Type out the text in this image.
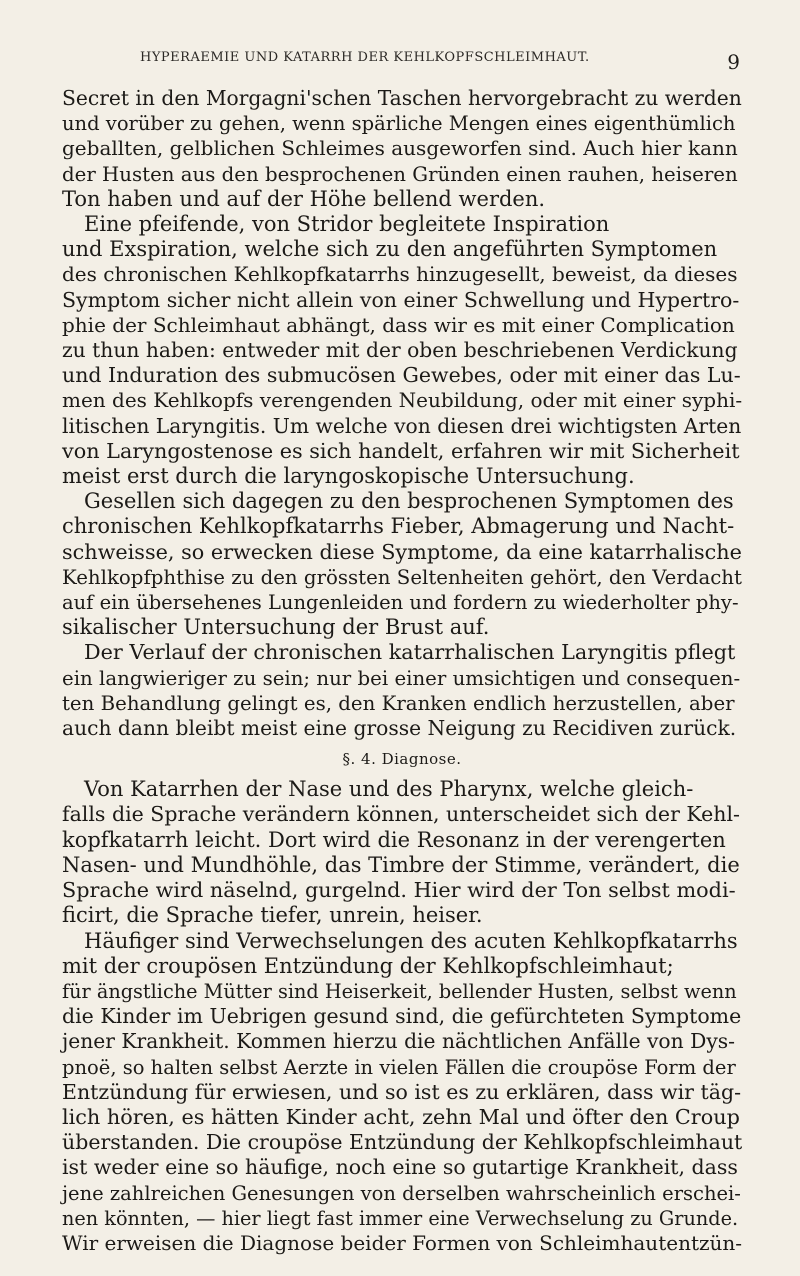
HYPERAEMIE UND KATARRH DER KEHLKOPFSCHLEIMHAUT.	9
Secret in den Morgagni'schen Taschen hervorgebracht zu werden
und vorüber zu gehen, wenn spärliche Mengen eines eigenthümlich
geballten, gelblichen Schleimes ausgeworfen sind. Auch hier kann
der Husten aus den besprochenen Gründen einen rauhen, heiseren
Ton haben und auf der Höhe bellend werden.
Eine pfeifende, von Stridor begleitete Inspiration
und Exspiration, welche sich zu den angeführten Symptomen
des chronischen Kehlkopfkatarrhs hinzugesellt, beweist, da dieses
Symptom sicher nicht allein von einer Schwellung und Hypertro-
phie der Schleimhaut abhängt, dass wir es mit einer Complication
zu thun haben: entweder mit der oben beschriebenen Verdickung
und Induration des submucösen Gewebes, oder mit einer das Lu-
men des Kehlkopfs verengenden Neubildung, oder mit einer syphi-
litischen Laryngitis. Um welche von diesen drei wichtigsten Arten
von Laryngostenose es sich handelt, erfahren wir mit Sicherheit
meist erst durch die laryngoskopische Untersuchung.
Gesellen sich dagegen zu den besprochenen Symptomen des
chronischen Kehlkopfkatarrhs Fieber, Abmagerung und Nacht-
schweisse, so erwecken diese Symptome, da eine katarrhalische
Kehlkopfphthise zu den grössten Seltenheiten gehört, den Verdacht
auf ein übersehenes Lungenleiden und fordern zu wiederholter phy-
sikalischer Untersuchung der Brust auf.
Der Verlauf der chronischen katarrhalischen Laryngitis pflegt
ein langwieriger zu sein; nur bei einer umsichtigen und consequen-
ten Behandlung gelingt es, den Kranken endlich herzustellen, aber
auch dann bleibt meist eine grosse Neigung zu Recidiven zurück.
§. 4. Diagnose.
Von Katarrhen der Nase und des Pharynx, welche gleich-
falls die Sprache verändern können, unterscheidet sich der Kehl-
kopfkatarrh leicht. Dort wird die Resonanz in der verengerten
Nasen- und Mundhöhle, das Timbre der Stimme, verändert, die
Sprache wird näselnd, gurgelnd. Hier wird der Ton selbst modi-
ficirt, die Sprache tiefer, unrein, heiser.
Häufiger sind Verwechselungen des acuten Kehlkopfkatarrhs
mit der croupösen Entzündung der Kehlkopfschleimhaut;
für ängstliche Mütter sind Heiserkeit, bellender Husten, selbst wenn
die Kinder im Uebrigen gesund sind, die gefürchteten Symptome
jener Krankheit. Kommen hierzu die nächtlichen Anfälle von Dys-
pnoë, so halten selbst Aerzte in vielen Fällen die croupöse Form der
Entzündung für erwiesen, und so ist es zu erklären, dass wir täg-
lich hören, es hätten Kinder acht, zehn Mal und öfter den Croup
überstanden. Die croupöse Entzündung der Kehlkopfschleimhaut
ist weder eine so häufige, noch eine so gutartige Krankheit, dass
jene zahlreichen Genesungen von derselben wahrscheinlich erschei-
nen könnten, — hier liegt fast immer eine Verwechselung zu Grunde.
Wir erweisen die Diagnose beider Formen von Schleimhautentzün-
